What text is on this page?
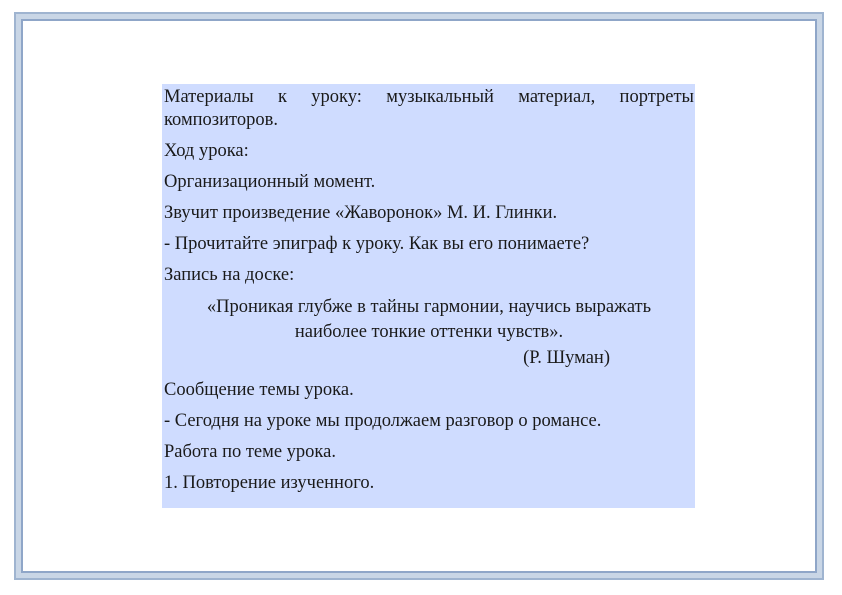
Материалы к уроку: музыкальный материал, портреты композиторов.

Ход урока:

Организационный момент.

Звучит произведение «Жаворонок» М. И. Глинки.

- Прочитайте эпиграф к уроку. Как вы его понимаете?

Запись на доске:

«Проникая глубже в тайны гармонии, научись выражать
наиболее тонкие оттенки чувств».
(Р. Шуман)

Сообщение темы урока.

- Сегодня на уроке мы продолжаем разговор о романсе.

Работа по теме урока.

1. Повторение изученного.
